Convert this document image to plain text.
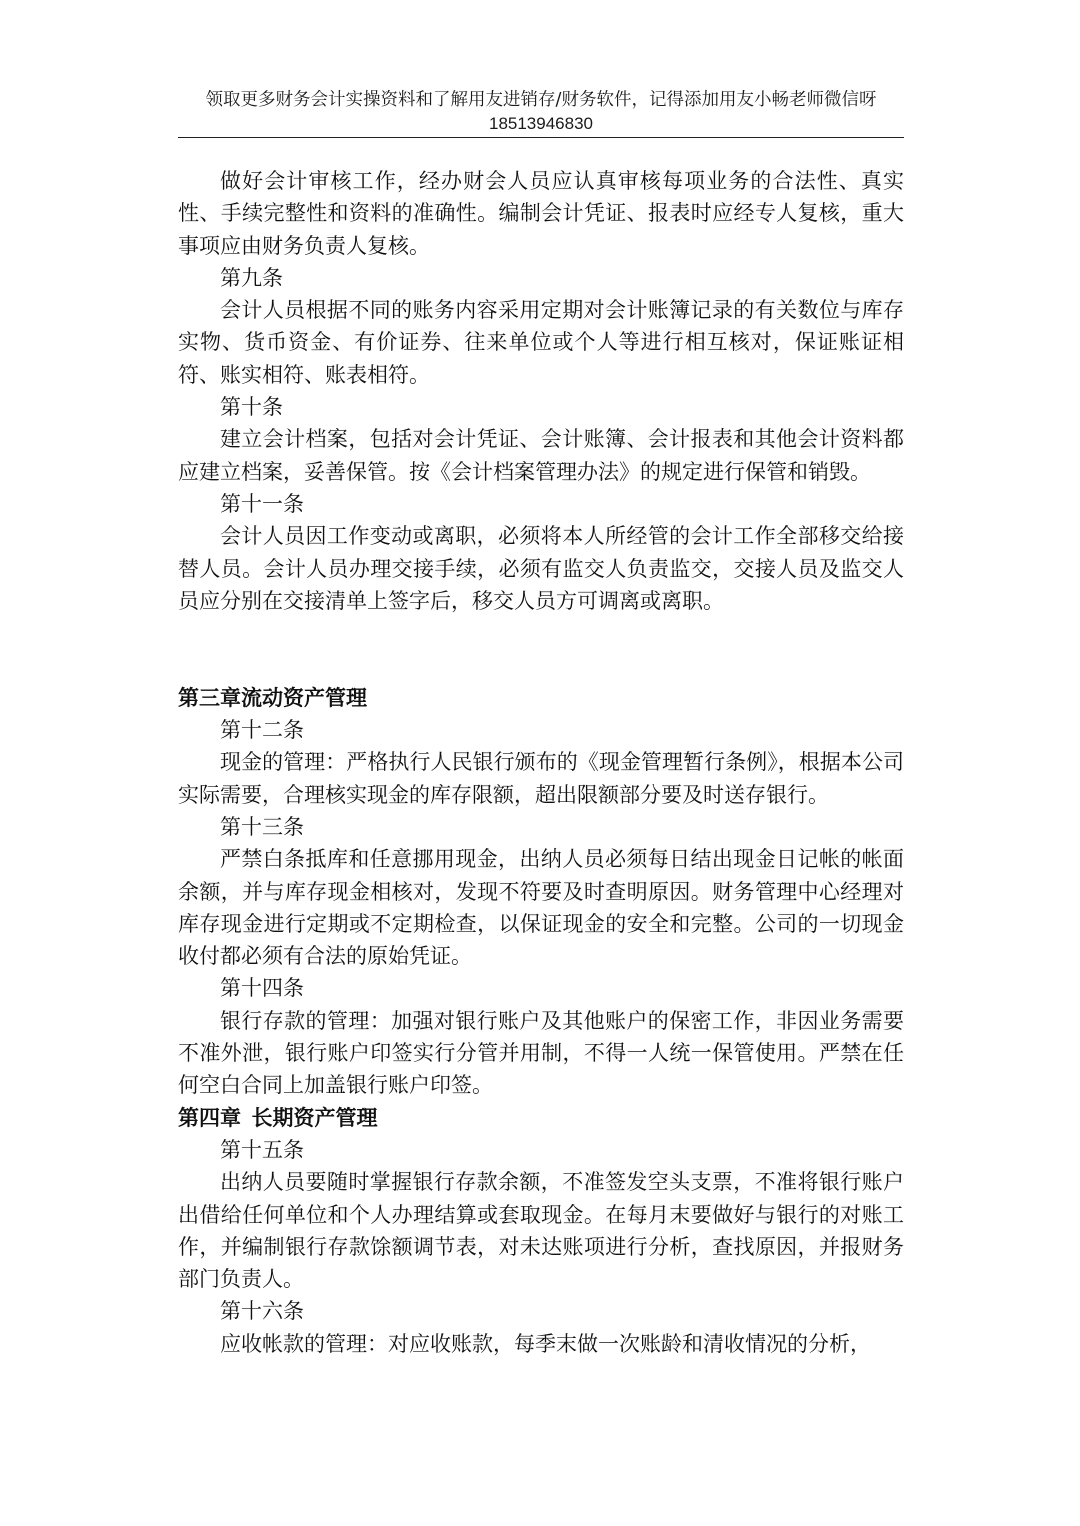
领取更多财务会计实操资料和了解用友进销存/财务软件，记得添加用友小畅老师微信呀
18513946830

做好会计审核工作，经办财会人员应认真审核每项业务的合法性、真实性、手续完整性和资料的准确性。编制会计凭证、报表时应经专人复核，重大事项应由财务负责人复核。

第九条

会计人员根据不同的账务内容采用定期对会计账簿记录的有关数位与库存实物、货币资金、有价证券、往来单位或个人等进行相互核对，保证账证相符、账实相符、账表相符。

第十条

建立会计档案，包括对会计凭证、会计账簿、会计报表和其他会计资料都应建立档案，妥善保管。按《会计档案管理办法》的规定进行保管和销毁。

第十一条

会计人员因工作变动或离职，必须将本人所经管的会计工作全部移交给接替人员。会计人员办理交接手续，必须有监交人负责监交，交接人员及监交人员应分别在交接清单上签字后，移交人员方可调离或离职。

第三章流动资产管理

第十二条

现金的管理：严格执行人民银行颁布的《现金管理暂行条例》，根据本公司实际需要，合理核实现金的库存限额，超出限额部分要及时送存银行。

第十三条

严禁白条抵库和任意挪用现金，出纳人员必须每日结出现金日记帐的帐面余额，并与库存现金相核对，发现不符要及时查明原因。财务管理中心经理对库存现金进行定期或不定期检查，以保证现金的安全和完整。公司的一切现金收付都必须有合法的原始凭证。

第十四条

银行存款的管理：加强对银行账户及其他账户的保密工作，非因业务需要不准外泄，银行账户印签实行分管并用制，不得一人统一保管使用。严禁在任何空白合同上加盖银行账户印签。

第四章 长期资产管理

第十五条

出纳人员要随时掌握银行存款余额，不准签发空头支票，不准将银行账户出借给任何单位和个人办理结算或套取现金。在每月末要做好与银行的对账工作，并编制银行存款馀额调节表，对未达账项进行分析，查找原因，并报财务部门负责人。

第十六条

应收帐款的管理：对应收账款，每季末做一次账龄和清收情况的分析，
